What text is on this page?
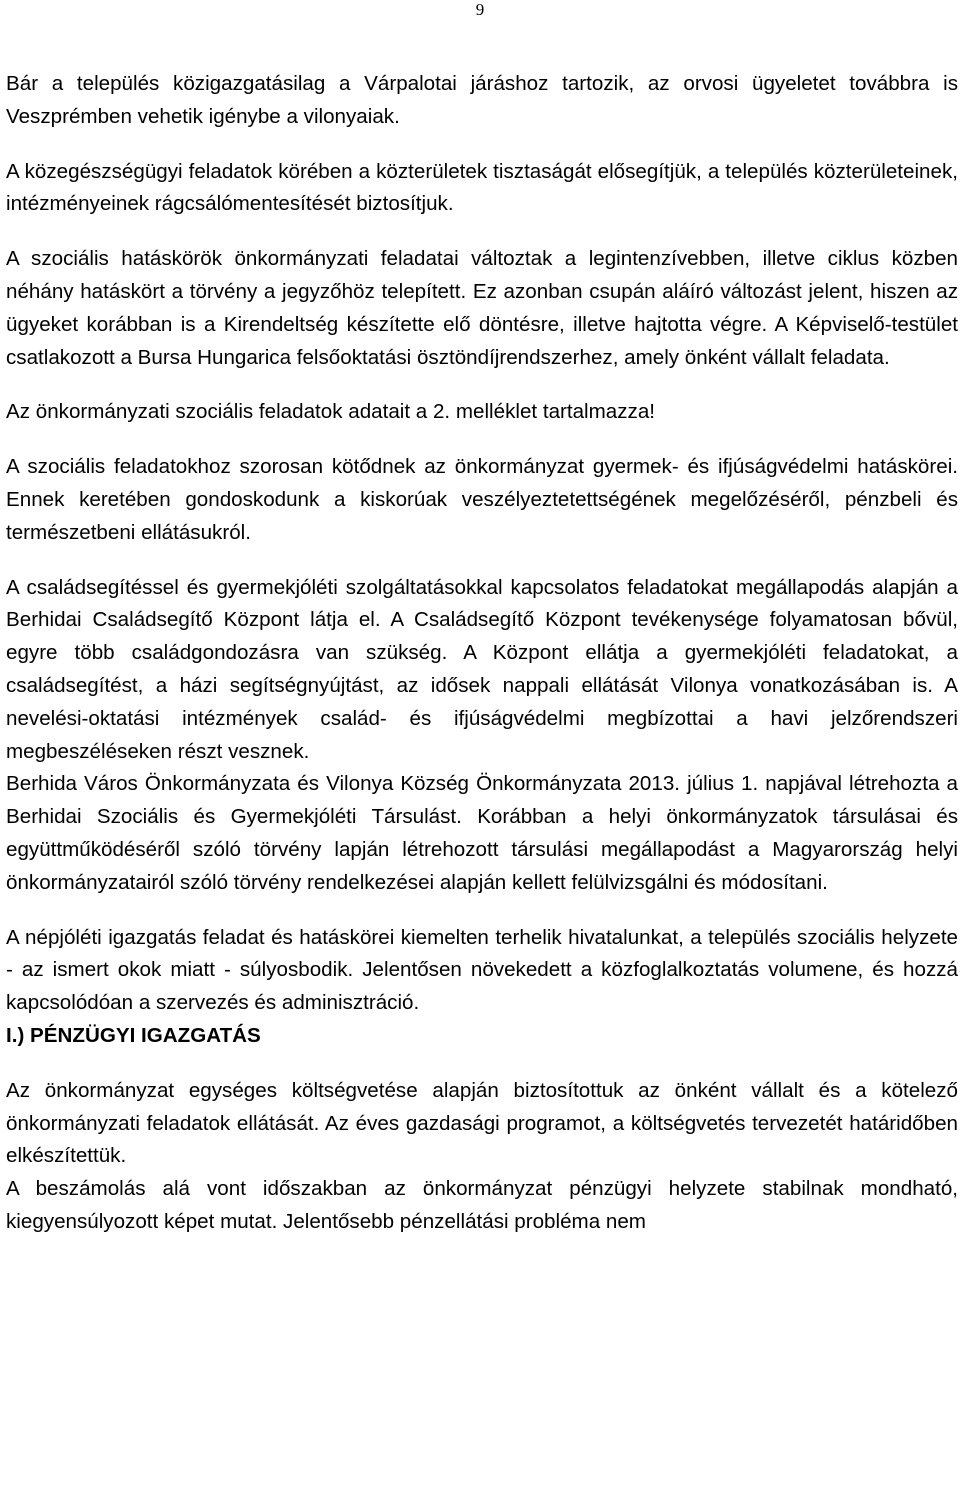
9

Bár a település közigazgatásilag a Várpalotai járáshoz tartozik, az orvosi ügyeletet továbbra is Veszprémben vehetik igénybe a vilonyaiak.

A közegészségügyi feladatok körében a közterületek tisztaságát elősegítjük, a település közterületeinek, intézményeinek rágcsálómentesítését biztosítjuk.

A szociális hatáskörök önkormányzati feladatai változtak a legintenzívebben, illetve ciklus közben néhány hatáskört a törvény a jegyzőhöz telepített. Ez azonban csupán aláíró változást jelent, hiszen az ügyeket korábban is a Kirendeltség készítette elő döntésre, illetve hajtotta végre. A Képviselő-testület csatlakozott a Bursa Hungarica felsőoktatási ösztöndíjrendszerhez, amely önként vállalt feladata.

Az önkormányzati szociális feladatok adatait a 2. melléklet tartalmazza!

A szociális feladatokhoz szorosan kötődnek az önkormányzat gyermek- és ifjúságvédelmi hatáskörei. Ennek keretében gondoskodunk a kiskorúak veszélyeztetettségének megelőzéséről, pénzbeli és természetbeni ellátásukról.

A családsegítéssel és gyermekjóléti szolgáltatásokkal kapcsolatos feladatokat megállapodás alapján a Berhidai Családsegítő Központ látja el. A Családsegítő Központ tevékenysége folyamatosan bővül, egyre több családgondozásra van szükség. A Központ ellátja a gyermekjóléti feladatokat, a családsegítést, a házi segítségnyújtást, az idősek nappali ellátását Vilonya vonatkozásában is. A nevelési-oktatási intézmények család- és ifjúságvédelmi megbízottai a havi jelzőrendszeri megbeszéléseken részt vesznek.

Berhida Város Önkormányzata és Vilonya Község Önkormányzata 2013. július 1. napjával létrehozta a Berhidai Szociális és Gyermekjóléti Társulást. Korábban a helyi önkormányzatok társulásai és együttműködéséről szóló törvény lapján létrehozott társulási megállapodást a Magyarország helyi önkormányzatairól szóló törvény rendelkezései alapján kellett felülvizsgálni és módosítani.

A népjóléti igazgatás feladat és hatáskörei kiemelten terhelik hivatalunkat, a település szociális helyzete - az ismert okok miatt - súlyosbodik. Jelentősen növekedett a közfoglalkoztatás volumene, és hozzá kapcsolódóan a szervezés és adminisztráció.

I.) PÉNZÜGYI IGAZGATÁS

Az önkormányzat egységes költségvetése alapján biztosítottuk az önként vállalt és a kötelező önkormányzati feladatok ellátását. Az éves gazdasági programot, a költségvetés tervezetét határidőben elkészítettük.

A beszámolás alá vont időszakban az önkormányzat pénzügyi helyzete stabilnak mondható, kiegyensúlyozott képet mutat. Jelentősebb pénzellátási probléma nem
